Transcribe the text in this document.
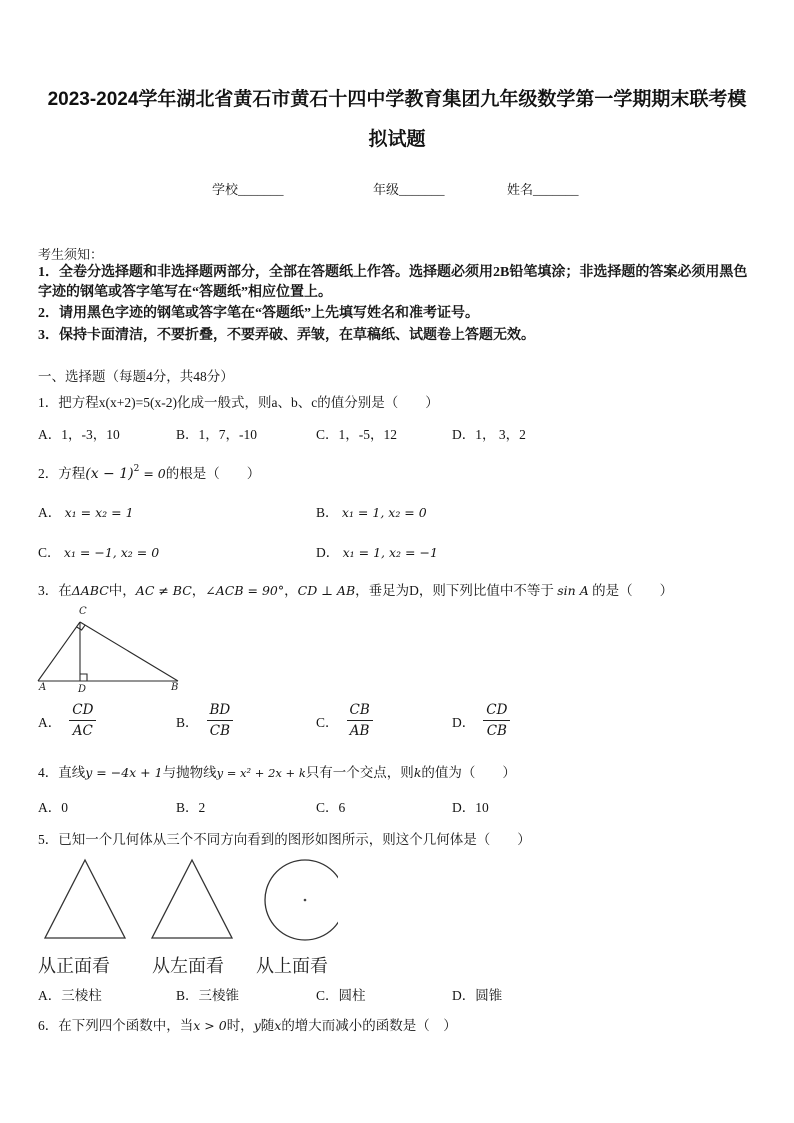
2023-2024学年湖北省黄石市黄石十四中学教育集团九年级数学第一学期期末联考模
拟试题
学校_______	年级_______	姓名_______
考生须知：
1．全卷分选择题和非选择题两部分，全部在答题纸上作答。选择题必须用2B铅笔填涂；非选择题的答案必须用黑色
字迹的钢笔或答字笔写在“答题纸”相应位置上。
2．请用黑色字迹的钢笔或答字笔在“答题纸”上先填写姓名和准考证号。
3．保持卡面清洁，不要折叠，不要弄破、弄皱，在草稿纸、试题卷上答题无效。
一、选择题（每题4分，共48分）
1．把方程x(x+2)=5(x-2)化成一般式，则a、b、c的值分别是（　　）
A．1，-3，10	B．1，7，-10	C．1，-5，12	D．1， 3，2
2．方程$(x - 1)^2 = 0$的根是（　　）
A． x₁ = x₂ = 1	B． x₁ = 1, x₂ = 0
C． x₁ = −1, x₂ = 0	D． x₁ = 1, x₂ = −1
3．在ΔABC中，AC ≠ BC，∠ACB = 90°，CD ⊥ AB，垂足为D，则下列比值中不等于 sin A 的是（　　）
C
A	D	B
A． $\frac{CD}{AC}$	B． $\frac{BD}{CB}$	C． $\frac{CB}{AB}$	D． $\frac{CD}{CB}$
4．直线y = −4x + 1与抛物线y = x² + 2x + k只有一个交点，则k的值为（　　）
A．0	B．2	C．6	D．10
5．已知一个几何体从三个不同方向看到的图形如图所示，则这个几何体是（　　）
从正面看 从左面看 从上面看
A．三棱柱	B．三棱锥	C．圆柱	D．圆锥
6．在下列四个函数中，当x > 0时，y随x的增大而减小的函数是（　）
